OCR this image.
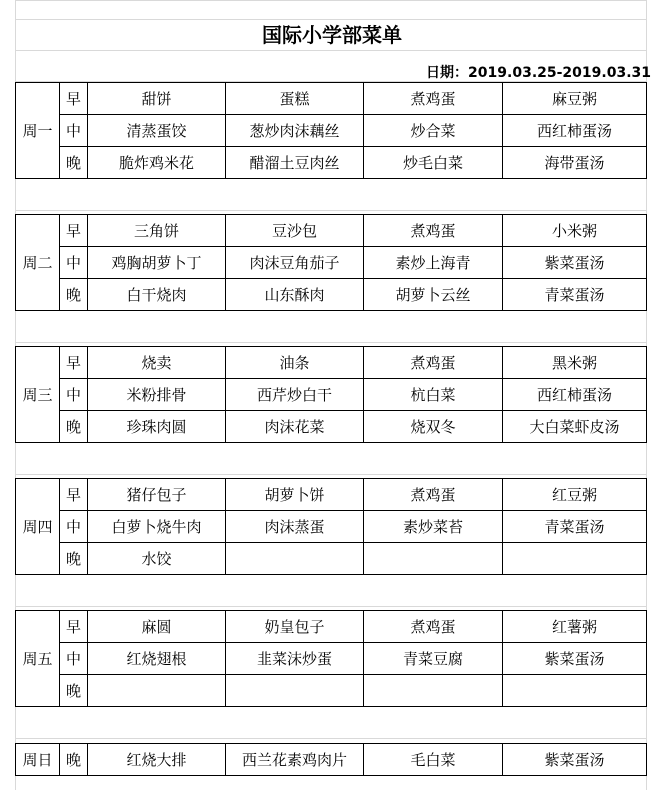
国际小学部菜单
日期：2019.03.25-2019.03.31
周一
早	甜饼	蛋糕	煮鸡蛋	麻豆粥
中	清蒸蛋饺	葱炒肉沫藕丝	炒合菜	西红柿蛋汤
晚	脆炸鸡米花	醋溜土豆肉丝	炒毛白菜	海带蛋汤
周二
早	三角饼	豆沙包	煮鸡蛋	小米粥
中	鸡胸胡萝卜丁	肉沫豆角茄子	素炒上海青	紫菜蛋汤
晚	白干烧肉	山东酥肉	胡萝卜云丝	青菜蛋汤
周三
早	烧卖	油条	煮鸡蛋	黑米粥
中	米粉排骨	西芹炒白干	杭白菜	西红柿蛋汤
晚	珍珠肉圆	肉沫花菜	烧双冬	大白菜虾皮汤
周四
早	猪仔包子	胡萝卜饼	煮鸡蛋	红豆粥
中	白萝卜烧牛肉	肉沫蒸蛋	素炒菜苔	青菜蛋汤
晚	水饺
周五
早	麻圆	奶皇包子	煮鸡蛋	红薯粥
中	红烧翅根	韭菜沫炒蛋	青菜豆腐	紫菜蛋汤
晚
周日 晚	红烧大排	西兰花素鸡肉片	毛白菜	紫菜蛋汤
